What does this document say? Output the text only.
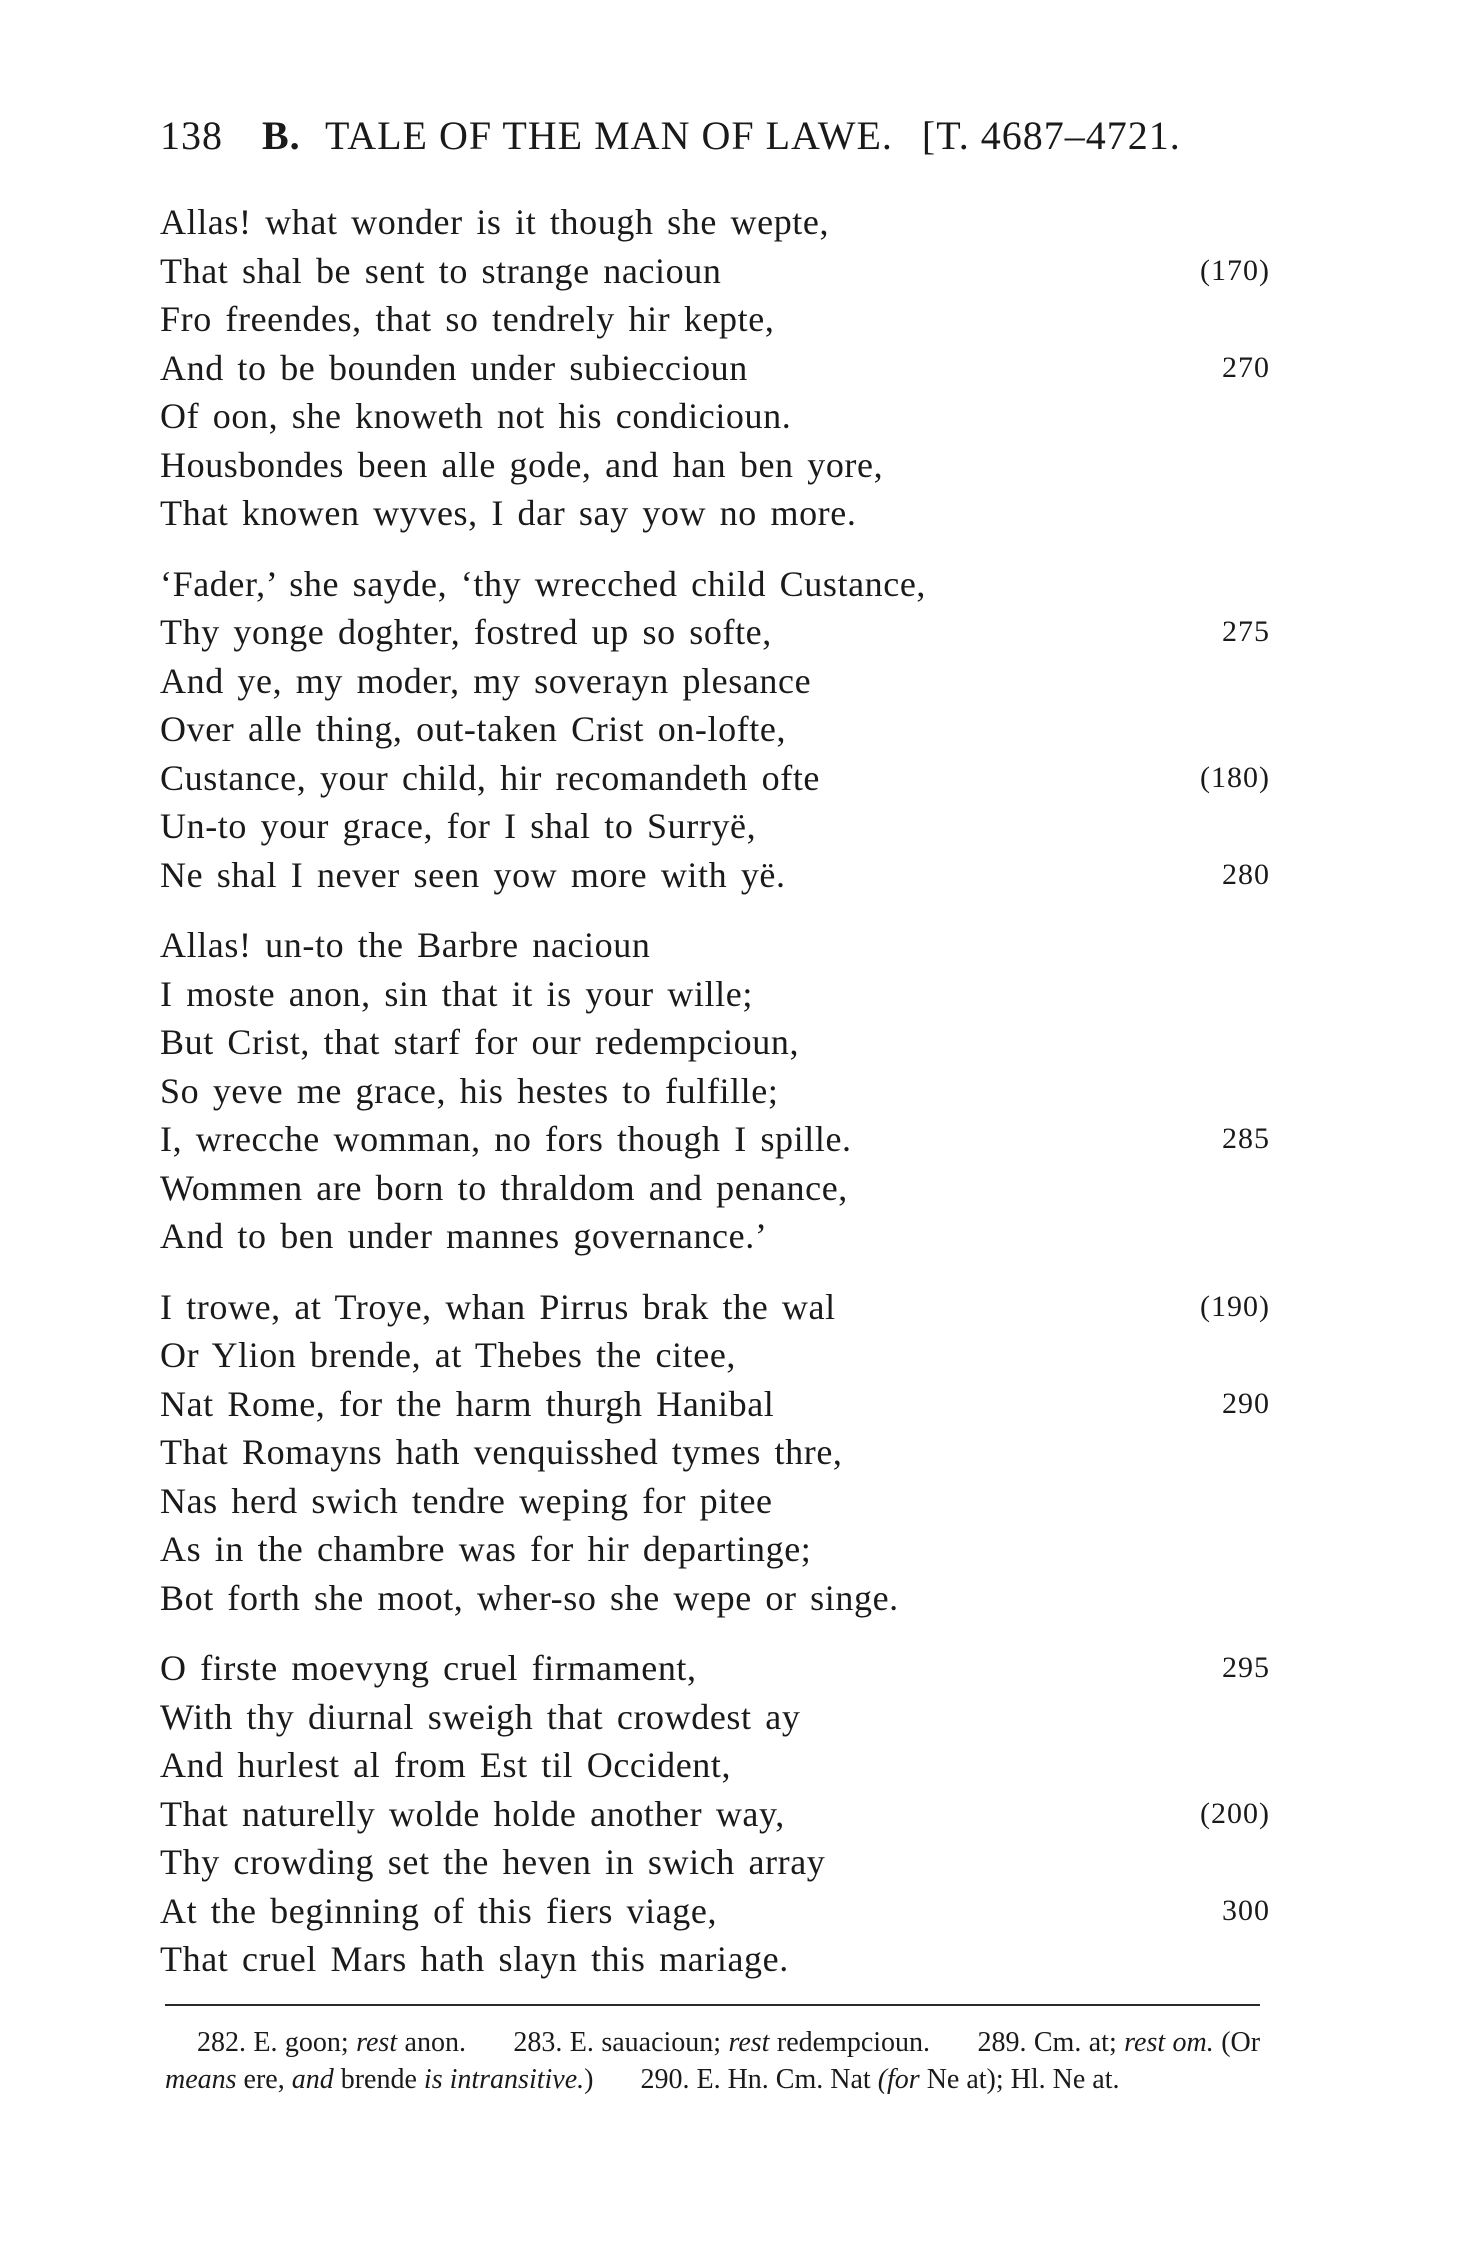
138 B. TALE OF THE MAN OF LAWE. [T. 4687–4721.
Allas! what wonder is it though she wepte,
That shal be sent to strange nacioun	(170)
Fro freendes, that so tendrely hir kepte,
And to be bounden under subieccioun	270
Of oon, she knoweth not his condicioun.
Housbondes been alle gode, and han ben yore,
That knowen wyves, I dar say yow no more.
‘Fader,’ she sayde, ‘thy wrecched child Custance,
Thy yonge doghter, fostred up so softe,	275
And ye, my moder, my soverayn plesance
Over alle thing, out-taken Crist on-lofte,
Custance, your child, hir recomandeth ofte	(180)
Un-to your grace, for I shal to Surryë,
Ne shal I never seen yow more with yë.	280
Allas! un-to the Barbre nacioun
I moste anon, sin that it is your wille;
But Crist, that starf for our redempcioun,
So yeve me grace, his hestes to fulfille;
I, wrecche womman, no fors though I spille.	285
Wommen are born to thraldom and penance,
And to ben under mannes governance.’
I trowe, at Troye, whan Pirrus brak the wal	(190)
Or Ylion brende, at Thebes the citee,
Nat Rome, for the harm thurgh Hanibal	290
That Romayns hath venquisshed tymes thre,
Nas herd swich tendre weping for pitee
As in the chambre was for hir departinge;
Bot forth she moot, wher-so she wepe or singe.
O firste moevyng cruel firmament,	295
With thy diurnal sweigh that crowdest ay
And hurlest al from Est til Occident,
That naturelly wolde holde another way,	(200)
Thy crowding set the heven in swich array
At the beginning of this fiers viage,	300
That cruel Mars hath slayn this mariage.
282. E. goon; rest anon. 283. E. sauacioun; rest redempcioun. 289. Cm. at; rest om. (Or means ere, and brende is intransitive.) 290. E. Hn. Cm. Nat (for Ne at); Hl. Ne at.
